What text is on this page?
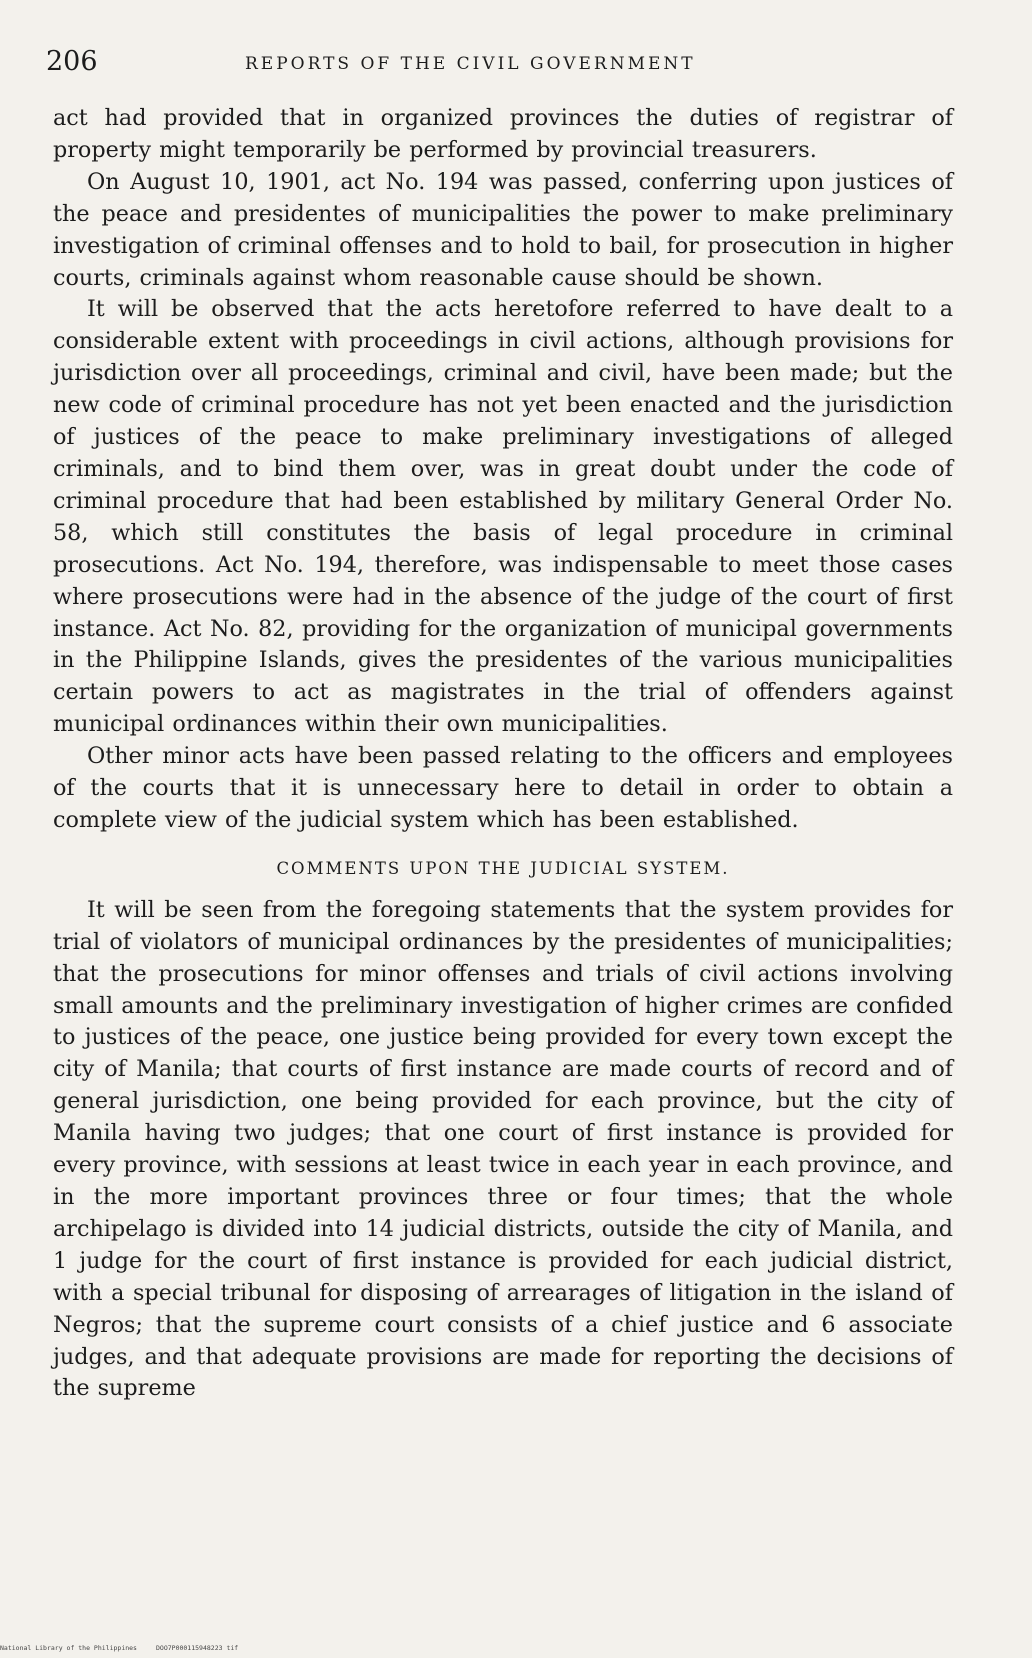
206	REPORTS OF THE CIVIL GOVERNMENT

act had provided that in organized provinces the duties of registrar of property might temporarily be performed by provincial treasurers.

On August 10, 1901, act No. 194 was passed, conferring upon justices of the peace and presidentes of municipalities the power to make preliminary investigation of criminal offenses and to hold to bail, for prosecution in higher courts, criminals against whom reasonable cause should be shown.

It will be observed that the acts heretofore referred to have dealt to a considerable extent with proceedings in civil actions, although provisions for jurisdiction over all proceedings, criminal and civil, have been made; but the new code of criminal procedure has not yet been enacted and the jurisdiction of justices of the peace to make preliminary investigations of alleged criminals, and to bind them over, was in great doubt under the code of criminal procedure that had been established by military General Order No. 58, which still constitutes the basis of legal procedure in criminal prosecutions. Act No. 194, therefore, was indispensable to meet those cases where prosecutions were had in the absence of the judge of the court of first instance. Act No. 82, providing for the organization of municipal governments in the Philippine Islands, gives the presidentes of the various municipalities certain powers to act as magistrates in the trial of offenders against municipal ordinances within their own municipalities.

Other minor acts have been passed relating to the officers and employees of the courts that it is unnecessary here to detail in order to obtain a complete view of the judicial system which has been established.

COMMENTS UPON THE JUDICIAL SYSTEM.

It will be seen from the foregoing statements that the system provides for trial of violators of municipal ordinances by the presidentes of municipalities; that the prosecutions for minor offenses and trials of civil actions involving small amounts and the preliminary investigation of higher crimes are confided to justices of the peace, one justice being provided for every town except the city of Manila; that courts of first instance are made courts of record and of general jurisdiction, one being provided for each province, but the city of Manila having two judges; that one court of first instance is provided for every province, with sessions at least twice in each year in each province, and in the more important provinces three or four times; that the whole archipelago is divided into 14 judicial districts, outside the city of Manila, and 1 judge for the court of first instance is provided for each judicial district, with a special tribunal for disposing of arrearages of litigation in the island of Negros; that the supreme court consists of a chief justice and 6 associate judges, and that adequate provisions are made for reporting the decisions of the supreme

National Library of the Philippines	DOO7P000115948223 tif
